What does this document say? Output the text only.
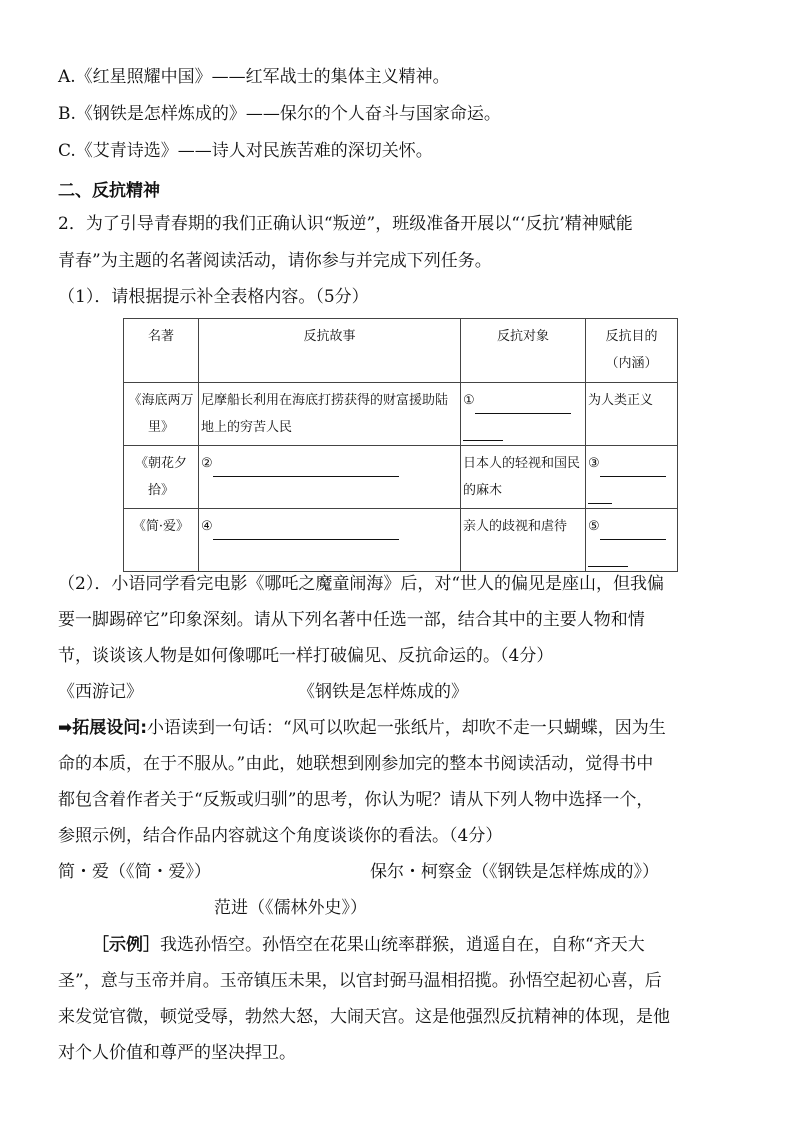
A.《红星照耀中国》——红军战士的集体主义精神。
B.《钢铁是怎样炼成的》——保尔的个人奋斗与国家命运。
C.《艾青诗选》——诗人对民族苦难的深切关怀。
二、反抗精神
2．为了引导青春期的我们正确认识“叛逆”，班级准备开展以“‘反抗’精神赋能
青春”为主题的名著阅读活动，请你参与并完成下列任务。
（1）．请根据提示补全表格内容。（5分）
名著	反抗故事	反抗对象	反抗目的
（内涵）
《海底两万里》	尼摩船长利用在海底打捞获得的财富援助陆地上的穷苦人民	①	为人类正义
《朝花夕拾》	②	日本人的轻视和国民的麻木	③

《简·爱》	④	亲人的歧视和虐待	⑤

（2）．小语同学看完电影《哪吒之魔童闹海》后，对“世人的偏见是座山，但我偏
要一脚踢碎它”印象深刻。请从下列名著中任选一部，结合其中的主要人物和情
节，谈谈该人物是如何像哪吒一样打破偏见、反抗命运的。（4分）
《西游记》	《钢铁是怎样炼成的》
➡拓展设问:小语读到一句话：“风可以吹起一张纸片，却吹不走一只蝴蝶，因为生
命的本质，在于不服从。”由此，她联想到刚参加完的整本书阅读活动，觉得书中
都包含着作者关于“反叛或归驯”的思考，你认为呢？请从下列人物中选择一个，
参照示例，结合作品内容就这个角度谈谈你的看法。（4分）
简・爱（《简・爱》）	保尔・柯察金（《钢铁是怎样炼成的》）
范进（《儒林外史》）
［示例］我选孙悟空。孙悟空在花果山统率群猴，逍遥自在，自称“齐天大
圣”，意与玉帝并肩。玉帝镇压未果，以官封弼马温相招揽。孙悟空起初心喜，后
来发觉官微，顿觉受辱，勃然大怒，大闹天宫。这是他强烈反抗精神的体现，是他
对个人价值和尊严的坚决捍卫。
